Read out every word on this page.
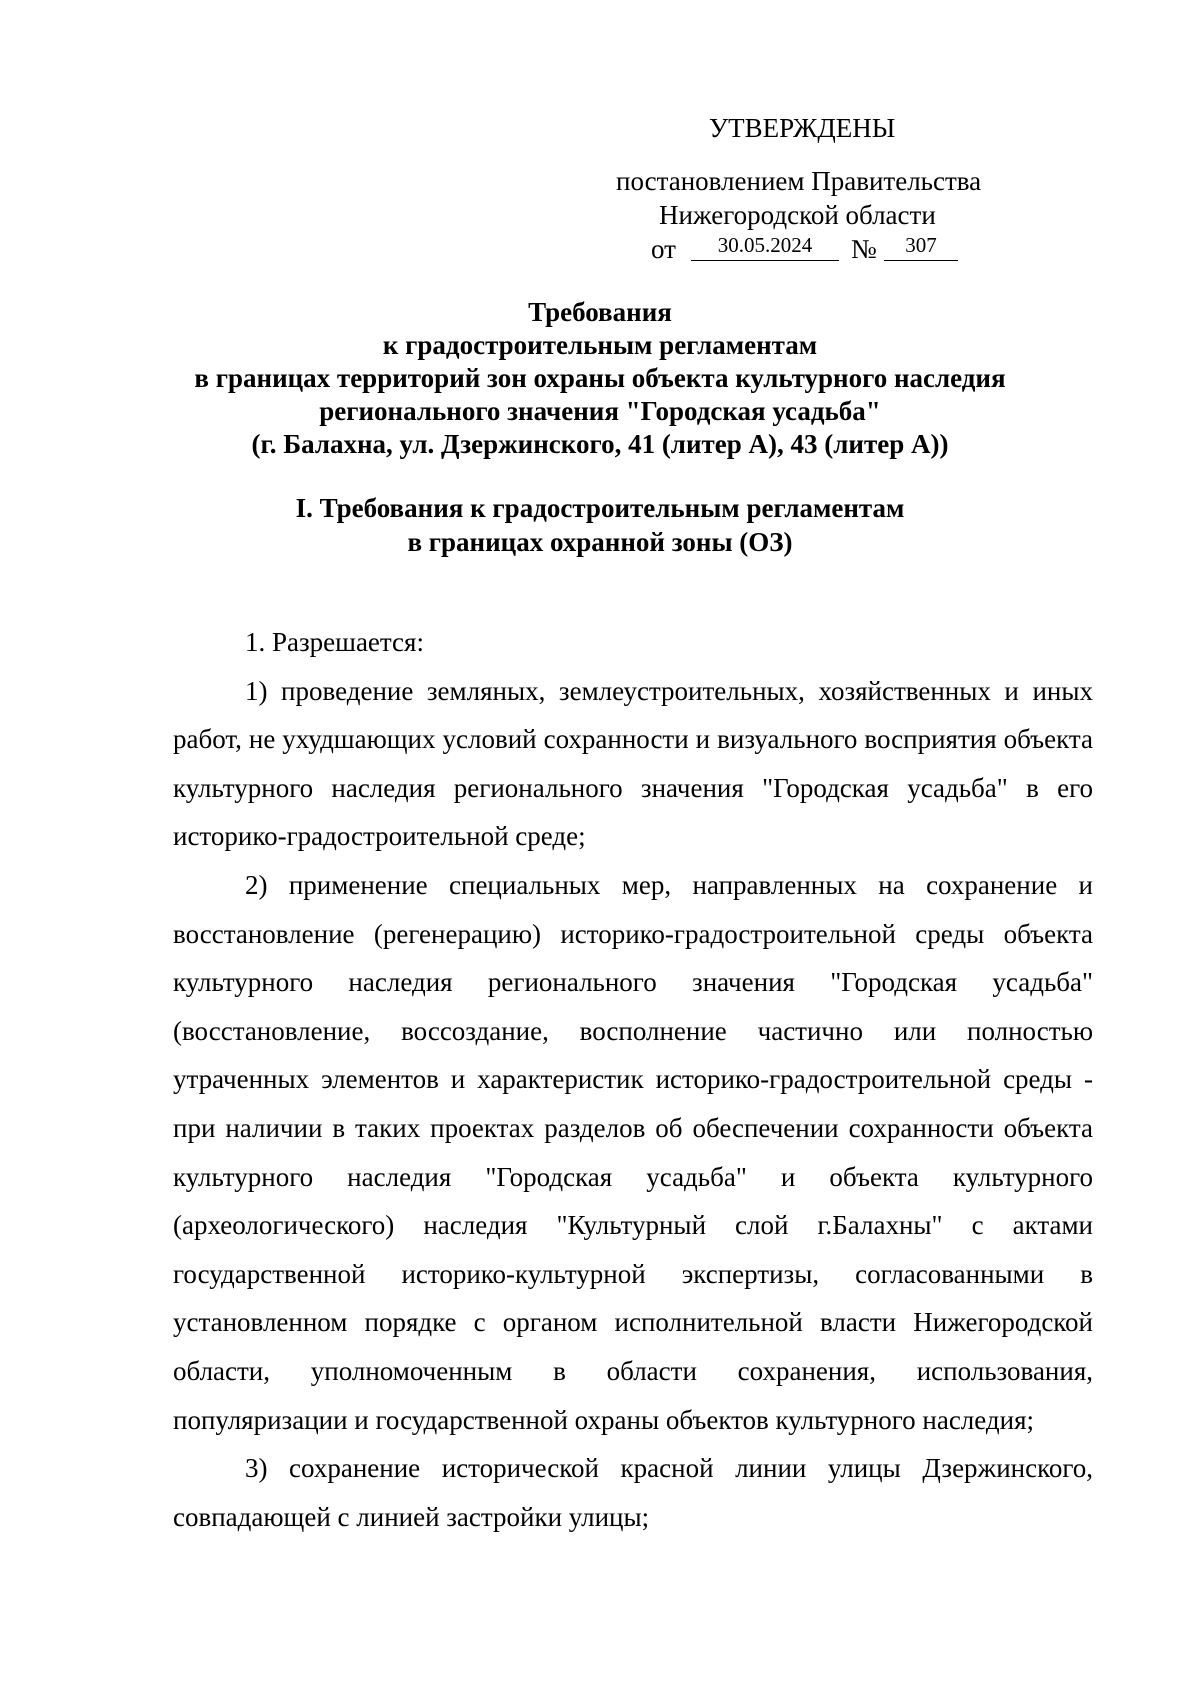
УТВЕРЖДЕНЫ
постановлением Правительства
Нижегородской области
от	30.05.2024	№	307
Требования
к градостроительным регламентам
в границах территорий зон охраны объекта культурного наследия
регионального значения "Городская усадьба"
(г. Балахна, ул. Дзержинского, 41 (литер А), 43 (литер А))
I. Требования к градостроительным регламентам
в границах охранной зоны (ОЗ)

1. Разрешается:

1) проведение земляных, землеустроительных, хозяйственных и иных работ, не ухудшающих условий сохранности и визуального восприятия объекта культурного наследия регионального значения "Городская усадьба" в его историко-градостроительной среде;

2) применение специальных мер, направленных на сохранение и восстановление (регенерацию) историко-градостроительной среды объекта культурного наследия регионального значения "Городская усадьба" (восстановление, воссоздание, восполнение частично или полностью утраченных элементов и характеристик историко-градостроительной среды - при наличии в таких проектах разделов об обеспечении сохранности объекта культурного наследия "Городская усадьба" и объекта культурного (археологического) наследия "Культурный слой г.Балахны" с актами государственной историко-культурной экспертизы, согласованными в установленном порядке с органом исполнительной власти Нижегородской области, уполномоченным в области сохранения, использования, популяризации и государственной охраны объектов культурного наследия;

3) сохранение исторической красной линии улицы Дзержинского, совпадающей с линией застройки улицы;
